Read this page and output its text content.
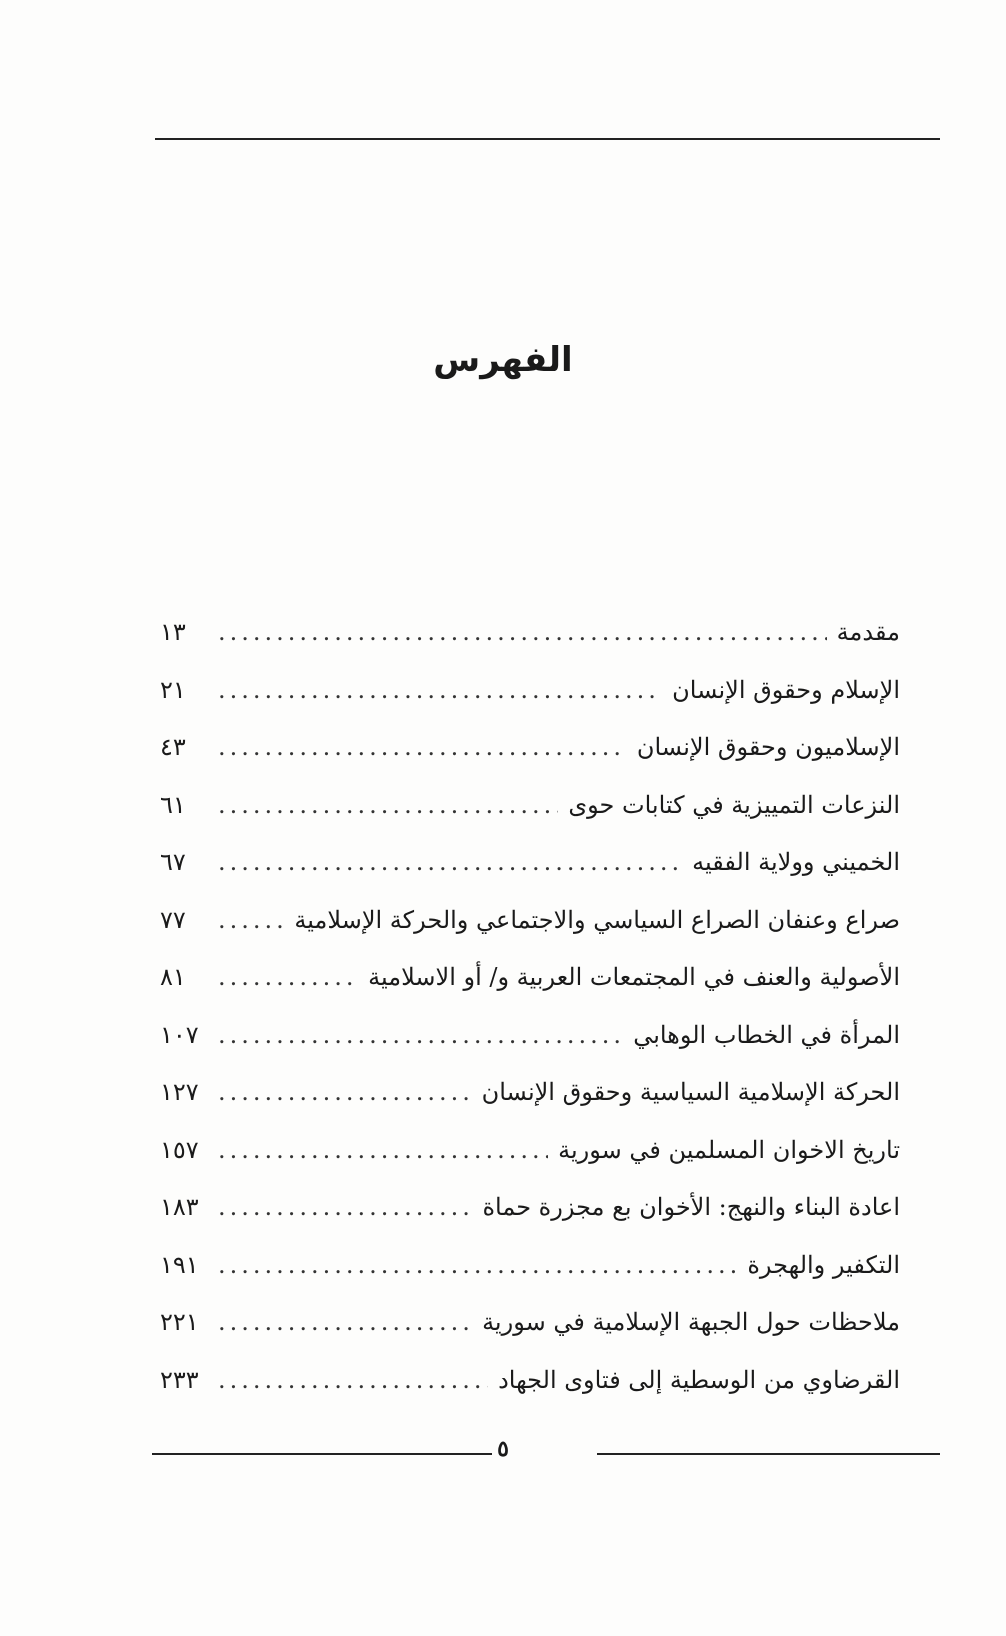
الفهرس
مقدمة
.....
١٣
الإسلام وحقوق الإنسان
.....
٢١
الإسلاميون وحقوق الإنسان
.....
٤٣
النزعات التمييزية في كتابات حوى
.....
٦١
الخميني وولاية الفقيه
.....
٦٧
صراع وعنفان الصراع السياسي والاجتماعي والحركة الإسلامية
.....
٧٧
الأصولية والعنف في المجتمعات العربية و/ أو الاسلامية
.....
٨١
المرأة في الخطاب الوهابي
.....
١٠٧
الحركة الإسلامية السياسية وحقوق الإنسان
.....
١٢٧
تاريخ الاخوان المسلمين في سورية
.....
١٥٧
اعادة البناء والنهج: الأخوان بع مجزرة حماة
.....
١٨٣
التكفير والهجرة
.....
١٩١
ملاحظات حول الجبهة الإسلامية في سورية
.....
٢٢١
القرضاوي من الوسطية إلى فتاوى الجهاد
.....
٢٣٣
٥
